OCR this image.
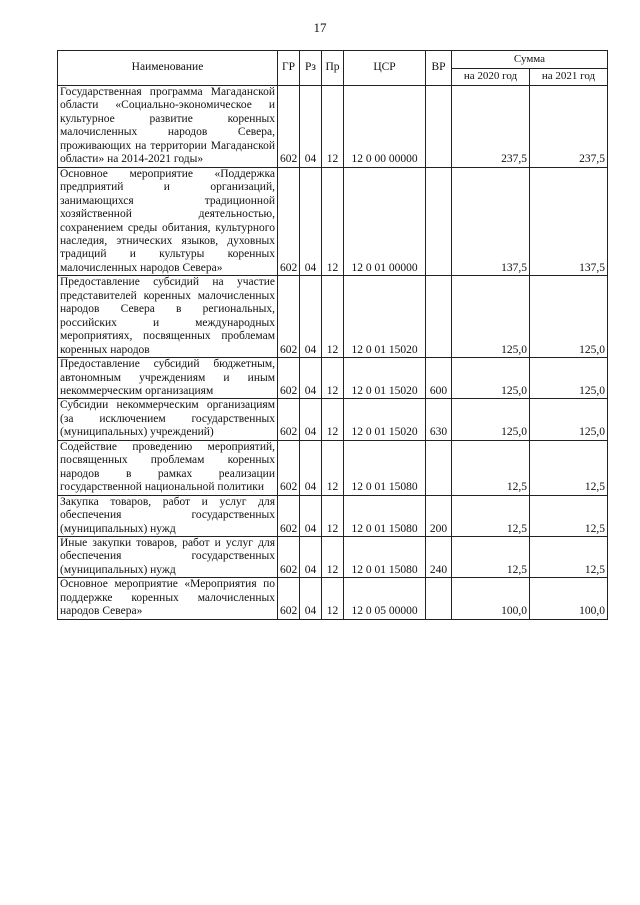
17
Наименование	ГР	Рз	Пр	ЦСР	ВР	Сумма	
						на 2020 год	на 2021 год
Государственная программа Магаданской области «Социально-экономическое и культурное развитие коренных малочисленных народов Севера, проживающих на территории Магаданской области» на 2014-2021 годы»	602	04	12	12 0 00 00000		237,5	237,5
Основное мероприятие «Поддержка предприятий и организаций, занимающихся традиционной хозяйственной деятельностью, сохранением среды обитания, культурного наследия, этнических языков, духовных традиций и культуры коренных малочисленных народов Севера»	602	04	12	12 0 01 00000		137,5	137,5
Предоставление субсидий на участие представителей коренных малочисленных народов Севера в региональных, российских и международных мероприятиях, посвященных проблемам коренных народов	602	04	12	12 0 01 15020		125,0	125,0
Предоставление субсидий бюджетным, автономным учреждениям и иным некоммерческим организациям	602	04	12	12 0 01 15020	600	125,0	125,0
Субсидии некоммерческим организациям (за исключением государственных (муниципальных) учреждений)	602	04	12	12 0 01 15020	630	125,0	125,0
Содействие проведению мероприятий, посвященных проблемам коренных народов в рамках реализации государственной национальной политики	602	04	12	12 0 01 15080		12,5	12,5
Закупка товаров, работ и услуг для обеспечения государственных (муниципальных) нужд	602	04	12	12 0 01 15080	200	12,5	12,5
Иные закупки товаров, работ и услуг для обеспечения государственных (муниципальных) нужд	602	04	12	12 0 01 15080	240	12,5	12,5
Основное мероприятие «Мероприятия по поддержке коренных малочисленных народов Севера»	602	04	12	12 0 05 00000		100,0	100,0
